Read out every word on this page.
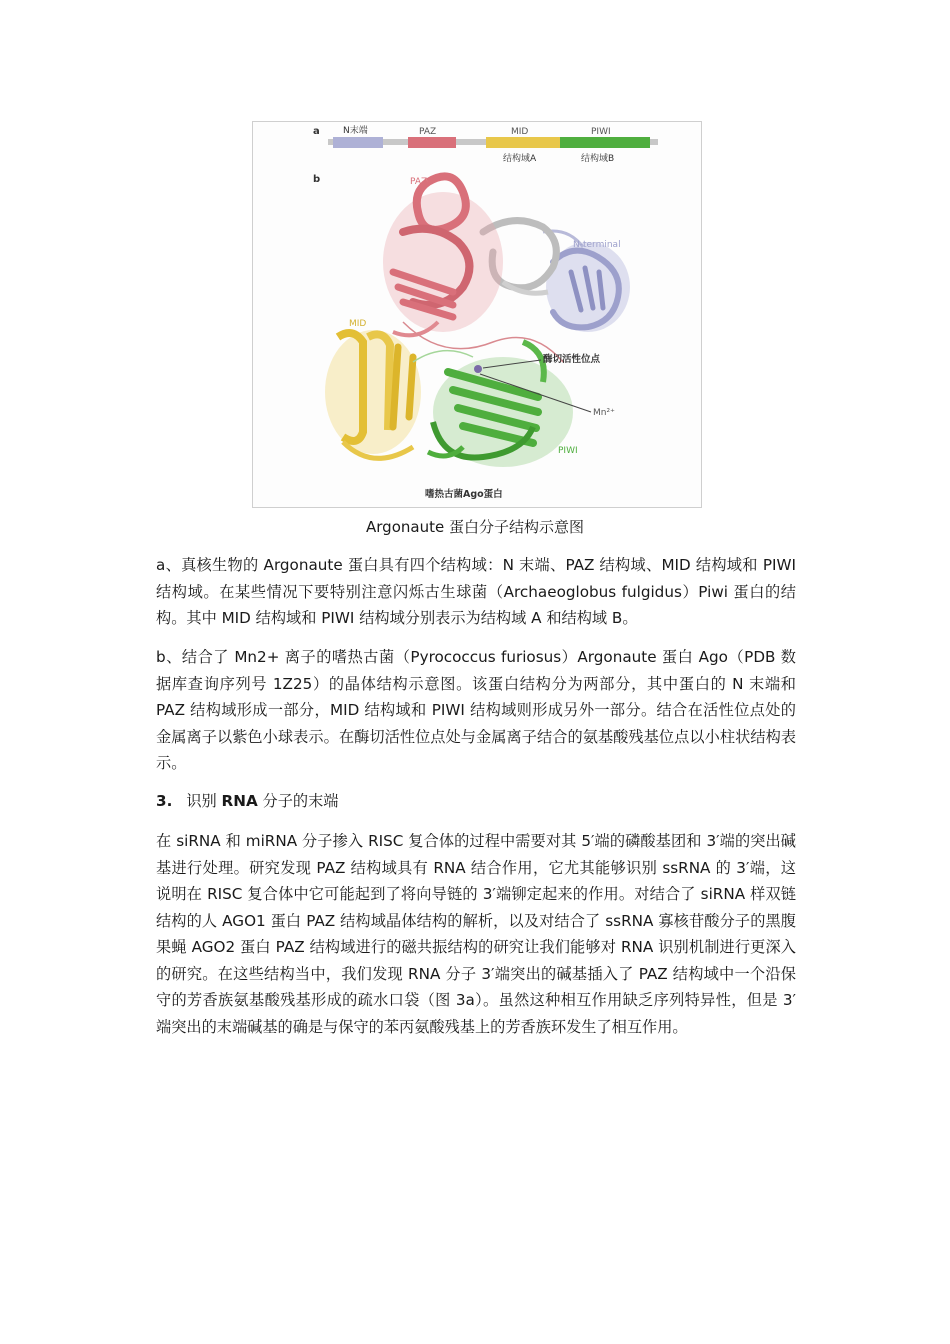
a	N末端	PAZ	MID	PIWI
结构域A	结构域B
b	PAZ
N-terminal
MID
酶切活性位点
Mn²⁺
PIWI
嗜热古菌Ago蛋白
Argonaute 蛋白分子结构示意图

a、真核生物的 Argonaute 蛋白具有四个结构域：N 末端、PAZ 结构域、MID 结构域和 PIWI 结构域。在某些情况下要特别注意闪烁古生球菌（Archaeoglobus fulgidus）Piwi 蛋白的结构。其中 MID 结构域和 PIWI 结构域分别表示为结构域 A 和结构域 B。

b、结合了 Mn2+ 离子的嗜热古菌（Pyrococcus furiosus）Argonaute 蛋白 Ago（PDB 数据库查询序列号 1Z25）的晶体结构示意图。该蛋白结构分为两部分，其中蛋白的 N 末端和 PAZ 结构域形成一部分，MID 结构域和 PIWI 结构域则形成另外一部分。结合在活性位点处的金属离子以紫色小球表示。在酶切活性位点处与金属离子结合的氨基酸残基位点以小柱状结构表示。

3. 识别 RNA 分子的末端

在 siRNA 和 miRNA 分子掺入 RISC 复合体的过程中需要对其 5′端的磷酸基团和 3′端的突出碱基进行处理。研究发现 PAZ 结构域具有 RNA 结合作用，它尤其能够识别 ssRNA 的 3′端，这说明在 RISC 复合体中它可能起到了将向导链的 3′端铆定起来的作用。对结合了 siRNA 样双链结构的人 AGO1 蛋白 PAZ 结构域晶体结构的解析，以及对结合了 ssRNA 寡核苷酸分子的黑腹果蝇 AGO2 蛋白 PAZ 结构域进行的磁共振结构的研究让我们能够对 RNA 识别机制进行更深入的研究。在这些结构当中，我们发现 RNA 分子 3′端突出的碱基插入了 PAZ 结构域中一个沿保守的芳香族氨基酸残基形成的疏水口袋（图 3a）。虽然这种相互作用缺乏序列特异性，但是 3′端突出的末端碱基的确是与保守的苯丙氨酸残基上的芳香族环发生了相互作用。
